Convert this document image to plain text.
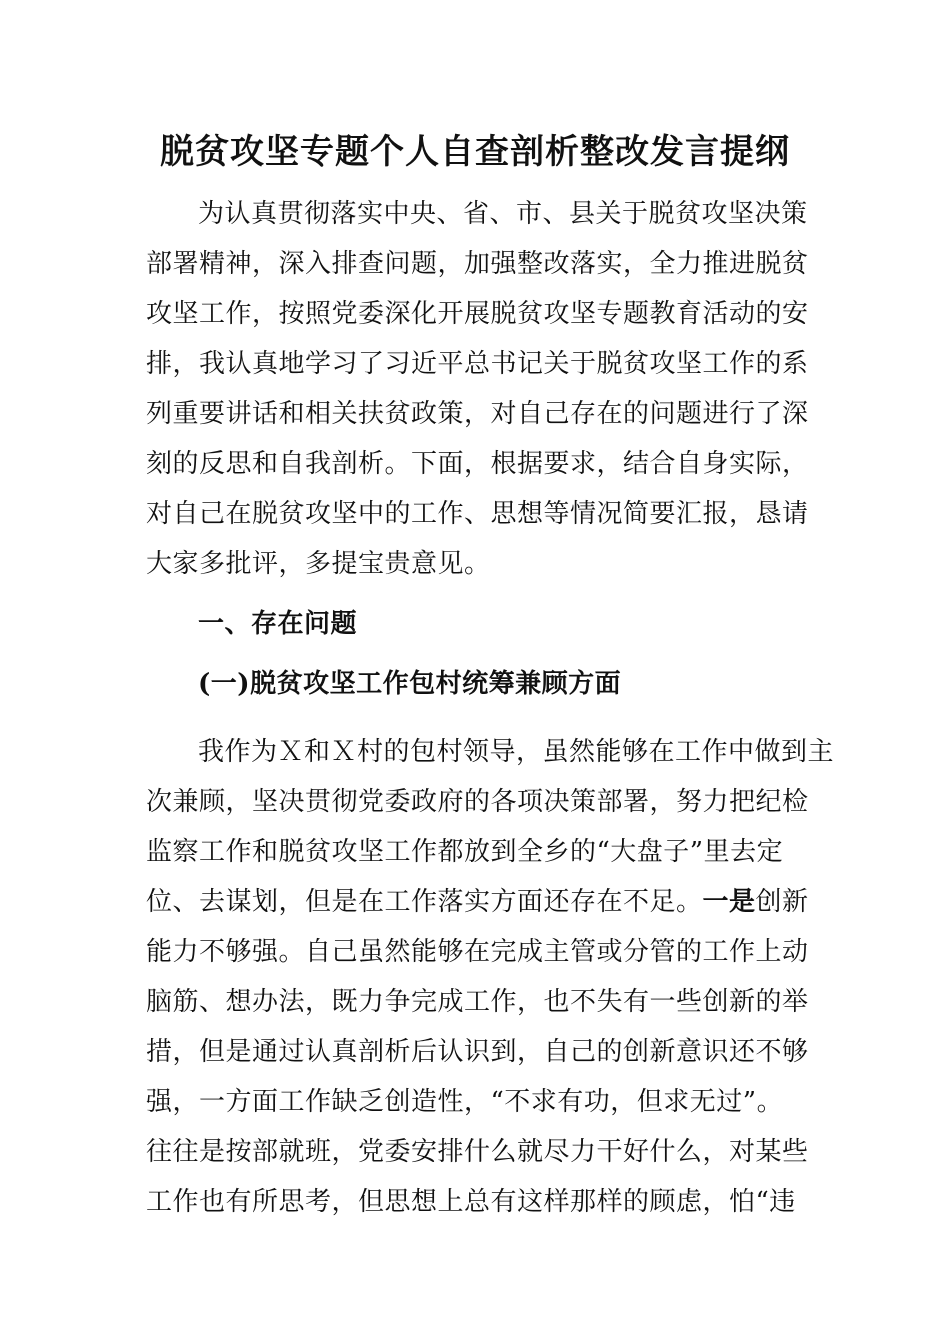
脱贫攻坚专题个人自查剖析整改发言提纲
为认真贯彻落实中央、省、市、县关于脱贫攻坚决策
部署精神，深入排查问题，加强整改落实，全力推进脱贫
攻坚工作，按照党委深化开展脱贫攻坚专题教育活动的安
排，我认真地学习了习近平总书记关于脱贫攻坚工作的系
列重要讲话和相关扶贫政策，对自己存在的问题进行了深
刻的反思和自我剖析。下面，根据要求，结合自身实际，
对自己在脱贫攻坚中的工作、思想等情况简要汇报，恳请
大家多批评，多提宝贵意见。
一、存在问题
(一)脱贫攻坚工作包村统筹兼顾方面
我作为Ｘ和Ｘ村的包村领导，虽然能够在工作中做到主
次兼顾，坚决贯彻党委政府的各项决策部署，努力把纪检
监察工作和脱贫攻坚工作都放到全乡的“大盘子”里去定
位、去谋划，但是在工作落实方面还存在不足。一是创新
能力不够强。自己虽然能够在完成主管或分管的工作上动
脑筋、想办法，既力争完成工作，也不失有一些创新的举
措，但是通过认真剖析后认识到，自己的创新意识还不够
强，一方面工作缺乏创造性，“不求有功，但求无过”。
往往是按部就班，党委安排什么就尽力干好什么，对某些
工作也有所思考，但思想上总有这样那样的顾虑，怕“违
